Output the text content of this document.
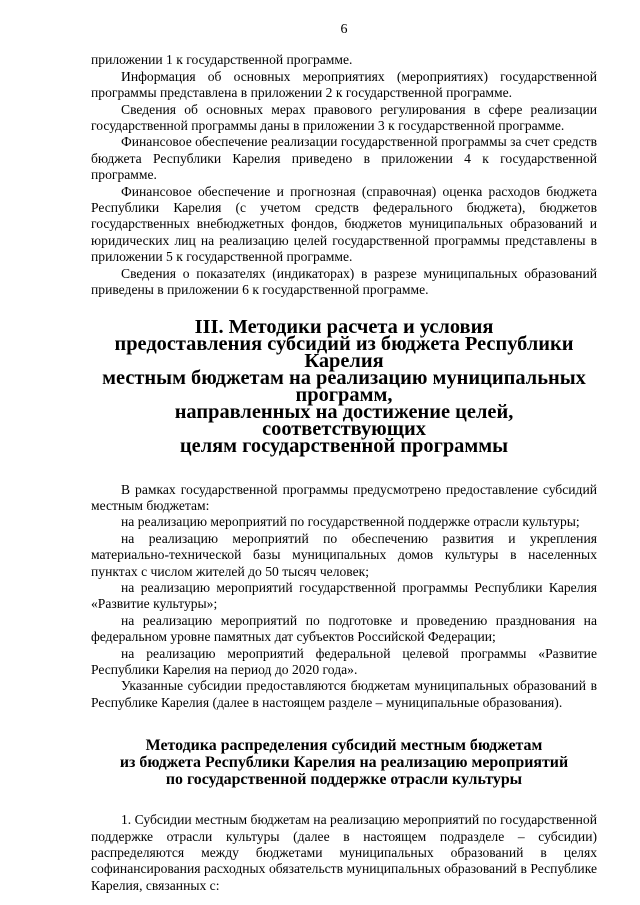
6

приложении 1 к государственной программе.

Информация об основных мероприятиях (мероприятиях) государственной программы представлена в приложении 2 к государственной программе.

Сведения об основных мерах правового регулирования в сфере реализации государственной программы даны в приложении 3 к государственной программе.

Финансовое обеспечение реализации государственной программы за счет средств бюджета Республики Карелия приведено в приложении 4 к государственной программе.

Финансовое обеспечение и прогнозная (справочная) оценка расходов бюджета Республики Карелия (с учетом средств федерального бюджета), бюджетов государственных внебюджетных фондов, бюджетов муниципальных образований и юридических лиц на реализацию целей государственной программы представлены в приложении 5 к государственной программе.

Сведения о показателях (индикаторах) в разрезе муниципальных образований приведены в приложении 6 к государственной программе.

III. Методики расчета и условия
предоставления субсидий из бюджета Республики Карелия
местным бюджетам на реализацию муниципальных программ,
направленных на достижение целей, соответствующих
целям государственной программы

В рамках государственной программы предусмотрено предоставление субсидий местным бюджетам:

на реализацию мероприятий по государственной поддержке отрасли культуры;

на реализацию мероприятий по обеспечению развития и укрепления материально-технической базы муниципальных домов культуры в населенных пунктах с числом жителей до 50 тысяч человек;

на реализацию мероприятий государственной программы Республики Карелия «Развитие культуры»;

на реализацию мероприятий по подготовке и проведению празднования на федеральном уровне памятных дат субъектов Российской Федерации;

на реализацию мероприятий федеральной целевой программы «Развитие Республики Карелия на период до 2020 года».

Указанные субсидии предоставляются бюджетам муниципальных образований в Республике Карелия (далее в настоящем разделе – муниципальные образования).

Методика распределения субсидий местным бюджетам
из бюджета Республики Карелия на реализацию мероприятий
по государственной поддержке отрасли культуры

1. Субсидии местным бюджетам на реализацию мероприятий по государственной поддержке отрасли культуры (далее в настоящем подразделе – субсидии) распределяются между бюджетами муниципальных образований в целях софинансирования расходных обязательств муниципальных образований в Республике Карелия, связанных с:
